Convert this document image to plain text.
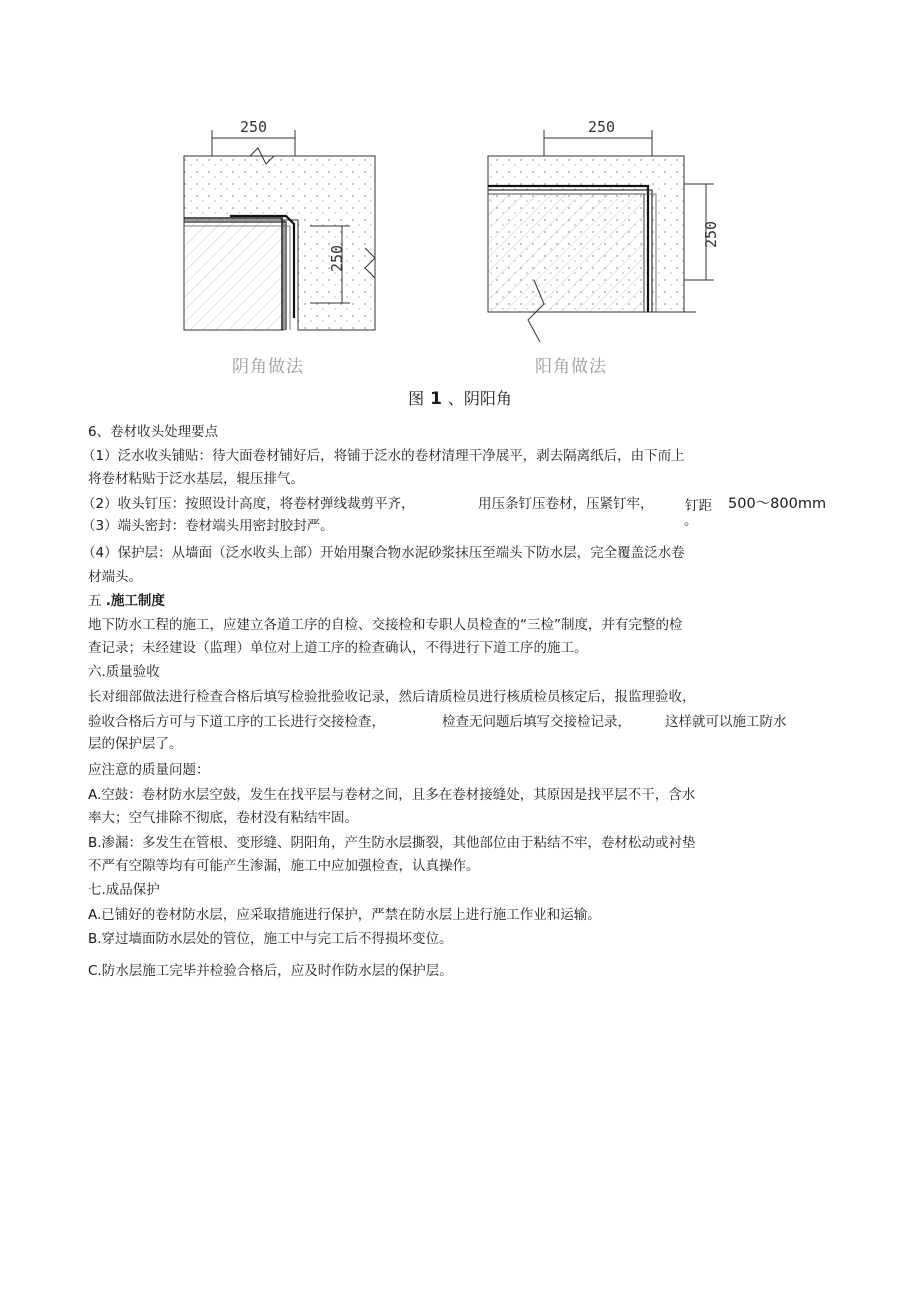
250
250
阴角做法
250
250
阳角做法
图 1 、阴阳角
6、卷材收头处理要点
（1）泛水收头铺贴：待大面卷材铺好后，将铺于泛水的卷材清理干净展平，剥去隔离纸后，由下而上
将卷材粘贴于泛水基层，辊压排气。
（2）收头钉压：按照设计高度，将卷材弹线裁剪平齐，	用压条钉压卷材，压紧钉牢， 钉距 500～800mm
（3）端头密封：卷材端头用密封胶封严。	。
（4）保护层：从墙面（泛水收头上部）开始用聚合物水泥砂浆抹压至端头下防水层，完全覆盖泛水卷
材端头。
五 .施工制度
地下防水工程的施工，应建立各道工序的自检、交接检和专职人员检查的“三检”制度，并有完整的检
查记录；未经建设（监理）单位对上道工序的检查确认，不得进行下道工序的施工。
六.质量验收
长对细部做法进行检查合格后填写检验批验收记录，然后请质检员进行核质检员核定后，报监理验收，
验收合格后方可与下道工序的工长进行交接检查，	检查无问题后填写交接检记录，	这样就可以施工防水
层的保护层了。
应注意的质量问题：
A.空鼓：卷材防水层空鼓，发生在找平层与卷材之间，且多在卷材接缝处，其原因是找平层不干，含水
率大；空气排除不彻底，卷材没有粘结牢固。
B.渗漏：多发生在管根、变形缝、阴阳角，产生防水层撕裂，其他部位由于粘结不牢，卷材松动或衬垫
不严有空隙等均有可能产生渗漏，施工中应加强检查，认真操作。
七.成品保护
A.已铺好的卷材防水层，应采取措施进行保护，严禁在防水层上进行施工作业和运输。
B.穿过墙面防水层处的管位，施工中与完工后不得损坏变位。
C.防水层施工完毕并检验合格后，应及时作防水层的保护层。
